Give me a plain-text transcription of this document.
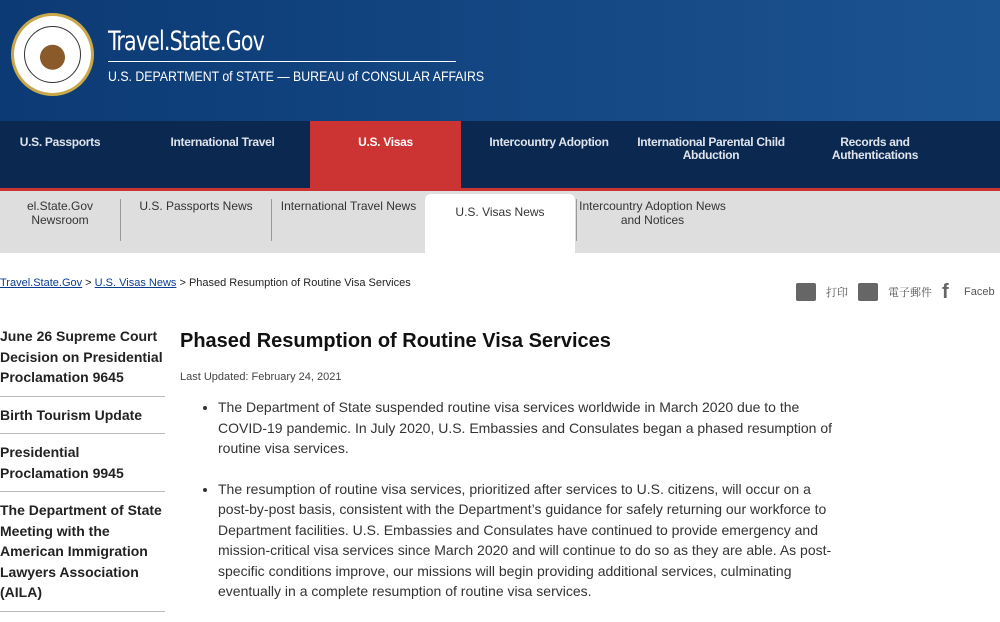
Travel.State.Gov
U.S. DEPARTMENT of STATE — BUREAU of CONSULAR AFFAIRS
U.S. Passports	International Travel	U.S. Visas	Intercountry Adoption	International Parental Child Abduction
Records and Authentications
el.State.Gov Newsroom
U.S. Passports News	International Travel News	U.S. Visas News	Intercountry Adoption News and Notices
Travel.State.Gov > U.S. Visas News > Phased Resumption of Routine Visa Services
打印	電子郵件 f	Faceb
June 26 Supreme Court Decision on Presidential Proclamation 9645
Birth Tourism Update
Presidential Proclamation 9945
The Department of State Meeting with the American Immigration Lawyers Association (AILA)
Phased Resumption of Routine Visa Services
Last Updated: February 24, 2021
• The Department of State suspended routine visa services worldwide in March 2020 due to the COVID-19 pandemic. In July 2020, U.S. Embassies and Consulates began a phased resumption of routine visa services.
• The resumption of routine visa services, prioritized after services to U.S. citizens, will occur on a post-by-post basis, consistent with the Department’s guidance for safely returning our workforce to Department facilities. U.S. Embassies and Consulates have continued to provide emergency and mission-critical visa services since March 2020 and will continue to do so as they are able. As post-specific conditions improve, our missions will begin providing additional services, culminating eventually in a complete resumption of routine visa services.
